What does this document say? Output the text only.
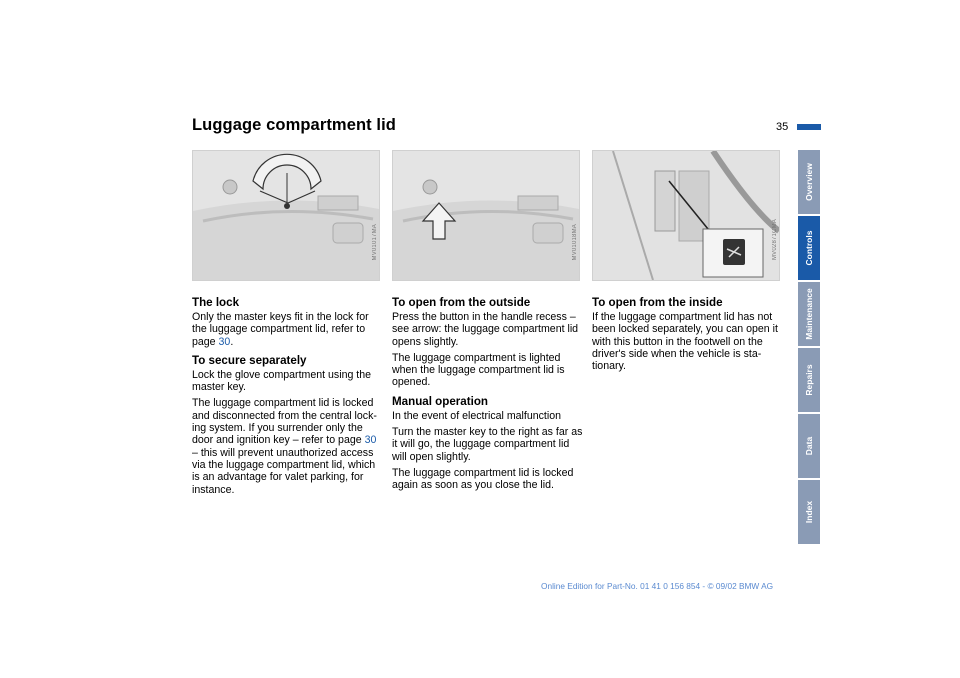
Luggage compartment lid	35
MV01017MA	MV01018MA	MV02871CMA
The lock

Only the master keys fit in the lock for the luggage compartment lid, refer to page 30.

To secure separately

Lock the glove compartment using the master key.

The luggage compartment lid is locked and disconnected from the central lock-ing system. If you surrender only the door and ignition key – refer to page 30 – this will prevent unauthorized access via the luggage compartment lid, which is an advantage for valet parking, for instance.

To open from the outside

Press the button in the handle recess – see arrow: the luggage compartment lid opens slightly.

The luggage compartment is lighted when the luggage compartment lid is opened.

Manual operation

In the event of electrical malfunction

Turn the master key to the right as far as it will go, the luggage compartment lid will open slightly.

The luggage compartment lid is locked again as soon as you close the lid.

To open from the inside

If the luggage compartment lid has not been locked separately, you can open it with this button in the footwell on the driver's side when the vehicle is sta-tionary.

Overview
Controls
Maintenance
Repairs
Data
Index
Online Edition for Part-No. 01 41 0 156 854 - © 09/02 BMW AG
